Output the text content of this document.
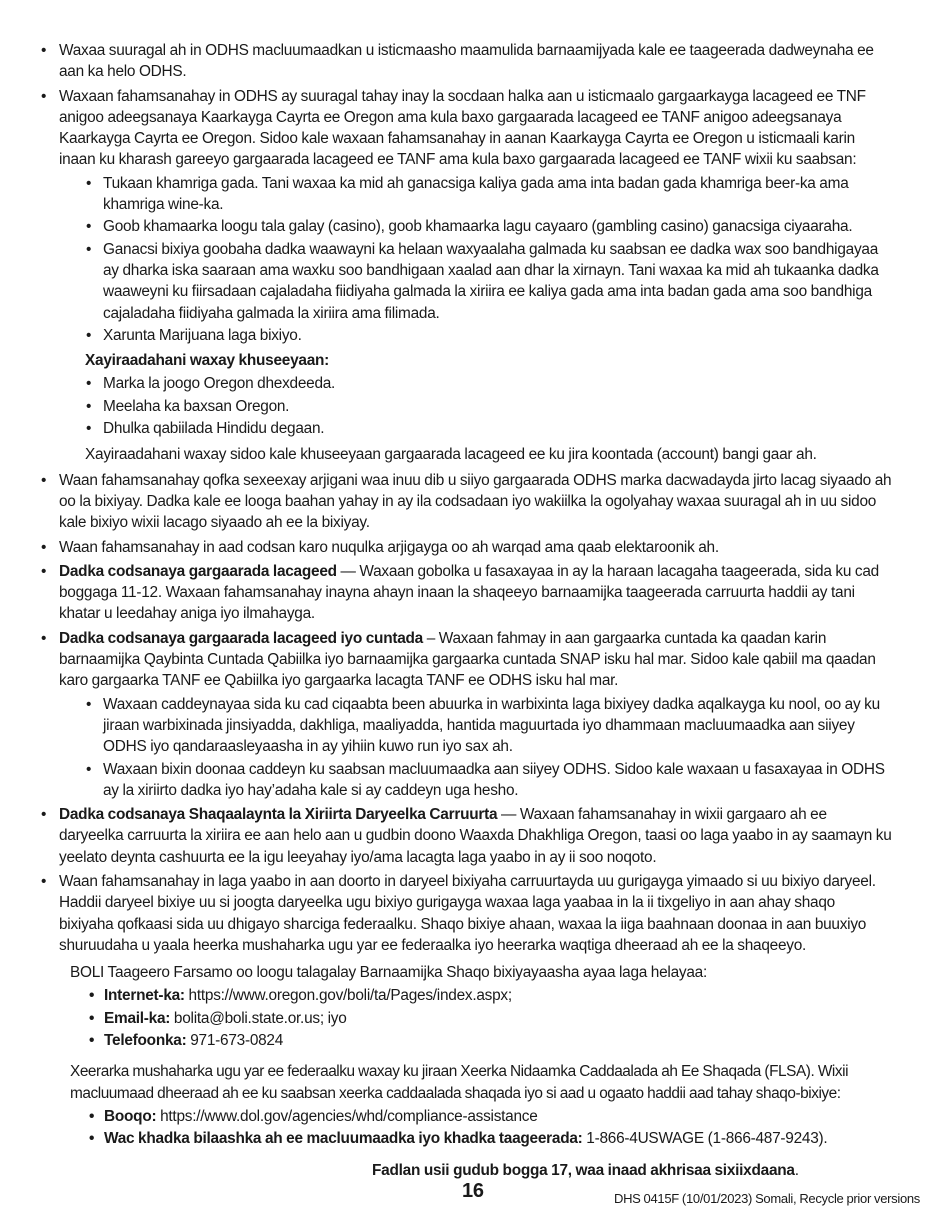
• Waxaa suuragal ah in ODHS macluumaadkan u isticmaasho maamulida barnaamijyada kale ee taageerada dadweynaha ee aan ka helo ODHS.
• Waxaan fahamsanahay in ODHS ay suuragal tahay inay la socdaan halka aan u isticmaalo gargaarkayga lacageed ee TNF anigoo adeegsanaya Kaarkayga Cayrta ee Oregon ama kula baxo gargaarada lacageed ee TANF anigoo adeegsanaya Kaarkayga Cayrta ee Oregon. Sidoo kale waxaan fahamsanahay in aanan Kaarkayga Cayrta ee Oregon u isticmaali karin inaan ku kharash gareeyo gargaarada lacageed ee TANF ama kula baxo gargaarada lacageed ee TANF wixii ku saabsan:
• Tukaan khamriga gada. Tani waxaa ka mid ah ganacsiga kaliya gada ama inta badan gada khamriga beer-ka ama khamriga wine-ka.
• Goob khamaarka loogu tala galay (casino), goob khamaarka lagu cayaaro (gambling casino) ganacsiga ciyaaraha.
• Ganacsi bixiya goobaha dadka waawayni ka helaan waxyaalaha galmada ku saabsan ee dadka wax soo bandhigayaa ay dharka iska saaraan ama waxku soo bandhigaan xaalad aan dhar la xirnayn. Tani waxaa ka mid ah tukaanka dadka waaweyni ku fiirsadaan cajaladaha fiidiyaha galmada la xiriira ee kaliya gada ama inta badan gada ama soo bandhiga cajaladaha fiidiyaha galmada la xiriira ama filimada.
• Xarunta Marijuana laga bixiyo.
Xayiraadahani waxay khuseeyaan:
• Marka la joogo Oregon dhexdeeda.
• Meelaha ka baxsan Oregon.
• Dhulka qabiilada Hindidu degaan.
Xayiraadahani waxay sidoo kale khuseeyaan gargaarada lacageed ee ku jira koontada (account) bangi gaar ah.
• Waan fahamsanahay qofka sexeexay arjigani waa inuu dib u siiyo gargaarada ODHS marka dacwadayda jirto lacag siyaado ah oo la bixiyay. Dadka kale ee looga baahan yahay in ay ila codsadaan iyo wakiilka la ogolyahay waxaa suuragal ah in uu sidoo kale bixiyo wixii lacago siyaado ah ee la bixiyay.
• Waan fahamsanahay in aad codsan karo nuqulka arjigayga oo ah warqad ama qaab elektaroonik ah.
• Dadka codsanaya gargaarada lacageed — Waxaan gobolka u fasaxayaa in ay la haraan lacagaha taageerada, sida ku cad boggaga 11-12. Waxaan fahamsanahay inayna ahayn inaan la shaqeeyo barnaamijka taageerada carruurta haddii ay tani khatar u leedahay aniga iyo ilmahayga.
• Dadka codsanaya gargaarada lacageed iyo cuntada – Waxaan fahmay in aan gargaarka cuntada ka qaadan karin barnaamijka Qaybinta Cuntada Qabiilka iyo barnaamijka gargaarka cuntada SNAP isku hal mar. Sidoo kale qabiil ma qaadan karo gargaarka TANF ee Qabiilka iyo gargaarka lacagta TANF ee ODHS isku hal mar.
• Waxaan caddeynayaa sida ku cad ciqaabta been abuurka in warbixinta laga bixiyey dadka aqalkayga ku nool, oo ay ku jiraan warbixinada jinsiyadda, dakhliga, maaliyadda, hantida maguurtada iyo dhammaan macluumaadka aan siiyey ODHS iyo qandaraasleyaasha in ay yihiin kuwo run iyo sax ah.
• Waxaan bixin doonaa caddeyn ku saabsan macluumaadka aan siiyey ODHS. Sidoo kale waxaan u fasaxayaa in ODHS ay la xiriirto dadka iyo hay’adaha kale si ay caddeyn uga hesho.
• Dadka codsanaya Shaqaalaynta la Xiriirta Daryeelka Carruurta — Waxaan fahamsanahay in wixii gargaaro ah ee daryeelka carruurta la xiriira ee aan helo aan u gudbin doono Waaxda Dhakhliga Oregon, taasi oo laga yaabo in ay saamayn ku yeelato deynta cashuurta ee la igu leeyahay iyo/ama lacagta laga yaabo in ay ii soo noqoto.
• Waan fahamsanahay in laga yaabo in aan doorto in daryeel bixiyaha carruurtayda uu gurigayga yimaado si uu bixiyo daryeel. Haddii daryeel bixiye uu si joogta daryeelka ugu bixiyo gurigayga waxaa laga yaabaa in la ii tixgeliyo in aan ahay shaqo bixiyaha qofkaasi sida uu dhigayo sharciga federaalku. Shaqo bixiye ahaan, waxaa la iiga baahnaan doonaa in aan buuxiyo shuruudaha u yaala heerka mushaharka ugu yar ee federaalka iyo heerarka waqtiga dheeraad ah ee la shaqeeyo.
BOLI Taageero Farsamo oo loogu talagalay Barnaamijka Shaqo bixiyayaasha ayaa laga helayaa:
• Internet-ka: https://www.oregon.gov/boli/ta/Pages/index.aspx;
• Email-ka: bolita@boli.state.or.us; iyo
• Telefoonka: 971-673-0824
Xeerarka mushaharka ugu yar ee federaalku waxay ku jiraan Xeerka Nidaamka Caddaalada ah Ee Shaqada (FLSA). Wixii macluumaad dheeraad ah ee ku saabsan xeerka caddaalada shaqada iyo si aad u ogaato haddii aad tahay shaqo-bixiye:
• Booqo: https://www.dol.gov/agencies/whd/compliance-assistance
• Wac khadka bilaashka ah ee macluumaadka iyo khadka taageerada: 1-866-4USWAGE (1-866-487-9243).
Fadlan usii gudub bogga 17, waa inaad akhrisaa sixiixdaana.
16	DHS 0415F (10/01/2023) Somali, Recycle prior versions
